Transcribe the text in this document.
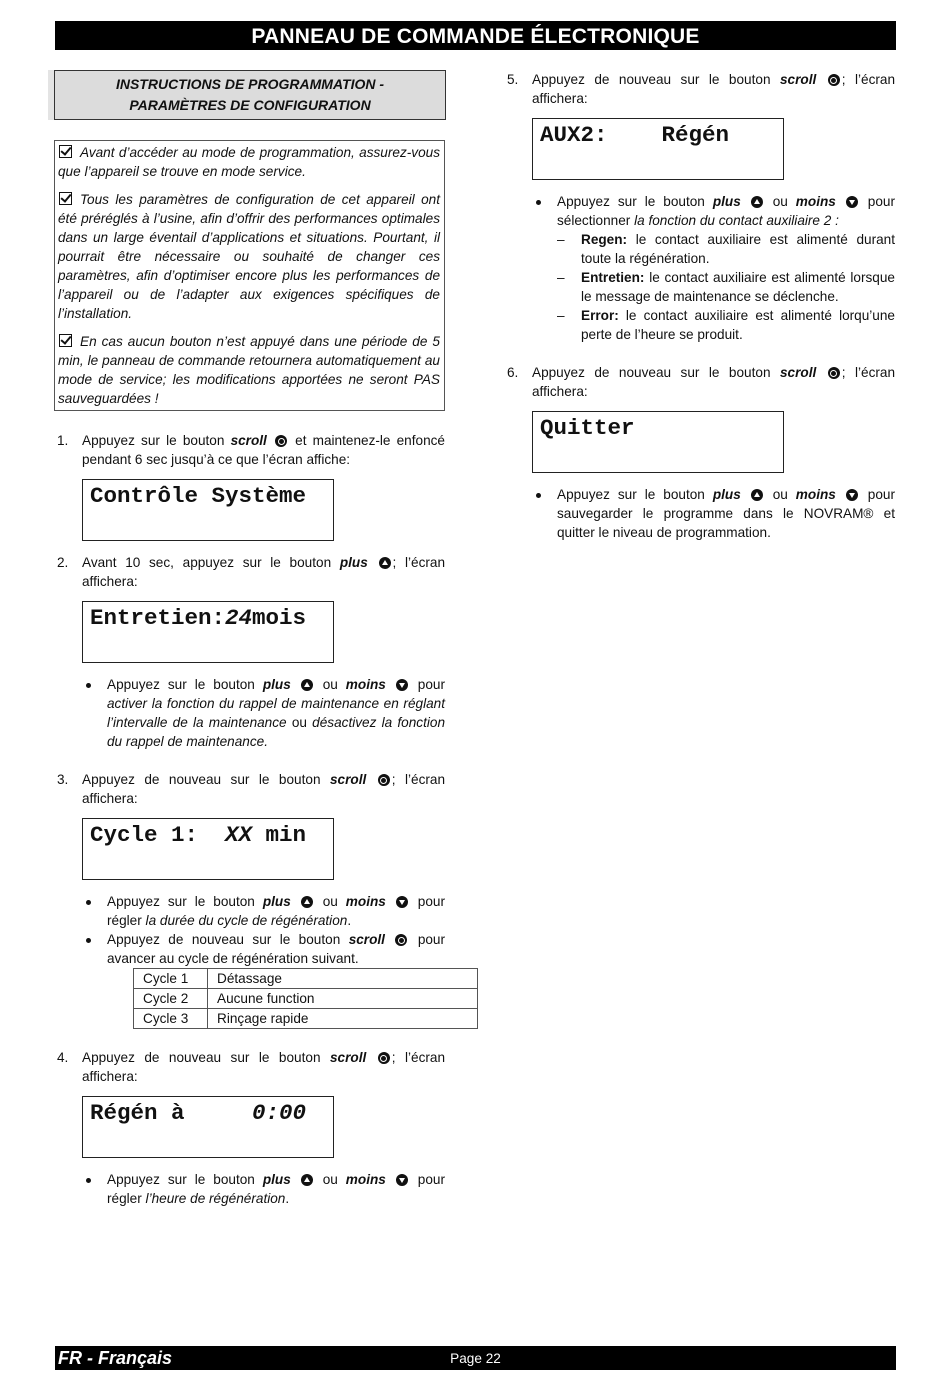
PANNEAU DE COMMANDE ÉLECTRONIQUE
INSTRUCTIONS DE PROGRAMMATION -
PARAMÈTRES DE CONFIGURATION

Avant d’accéder au mode de programmation, assurez-vous que l’appareil se trouve en mode service.

Tous les paramètres de configuration de cet appareil ont été préréglés à l’usine, afin d’offrir des performances optimales dans un large éventail d’applications et situations. Pourtant, il pourrait être nécessaire ou souhaité de changer ces paramètres, afin d’optimiser encore plus les performances de l’appareil ou de l’adapter aux exigences spécifiques de l’installation.

En cas aucun bouton n’est appuyé dans une période de 5 min, le panneau de commande retournera automatiquement au mode de service; les modifications apportées ne seront PAS sauveguardées !

1. Appuyez sur le bouton scroll et maintenez-le enfoncé pendant 6 sec jusqu’à ce que l’écran affiche:
Contrôle Système
2. Avant 10 sec, appuyez sur le bouton plus ; l’écran affichera:
Entretien:24mois
Appuyez sur le bouton plus ou moins pour activer la fonction du rappel de maintenance en réglant l’intervalle de la maintenance ou désactivez la fonction du rappel de maintenance.
3. Appuyez de nouveau sur le bouton scroll ; l’écran affichera:
Cycle 1:  XX min
Appuyez sur le bouton plus ou moins pour régler la durée du cycle de régénération.
Appuyez de nouveau sur le bouton scroll pour avancer au cycle de régénération suivant.
Cycle 1	Détassage
Cycle 2	Aucune function
Cycle 3	Rinçage rapide
4. Appuyez de nouveau sur le bouton scroll ; l’écran affichera:
Régén à     0:00
Appuyez sur le bouton plus ou moins pour régler l’heure de régénération.
5. Appuyez de nouveau sur le bouton scroll ; l’écran affichera:
AUX2:    Régén
Appuyez sur le bouton plus ou moins pour sélectionner la fonction du contact auxiliaire 2 :
– Regen: le contact auxiliaire est alimenté durant toute la régénération.
– Entretien: le contact auxiliaire est alimenté lorsque le message de maintenance se déclenche.
– Error: le contact auxiliaire est alimenté lorqu’une perte de l’heure se produit.
6. Appuyez de nouveau sur le bouton scroll ; l’écran affichera:
Quitter
Appuyez sur le bouton plus ou moins pour sauvegarder le programme dans le NOVRAM® et quitter le niveau de programmation.
FR - Français	Page 22
